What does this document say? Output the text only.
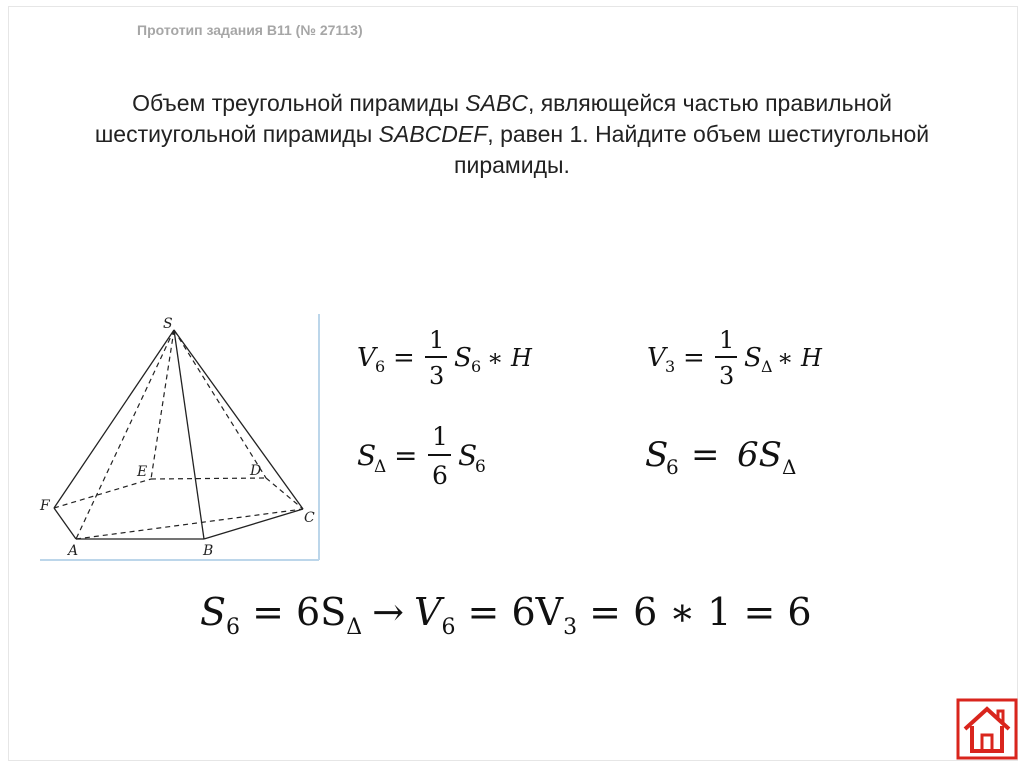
Прототип задания B11 (№ 27113)
Объем треугольной пирамиды SABC, являющейся частью правильной шестиугольной пирамиды SABCDEF, равен 1. Найдите объем шестиугольной пирамиды.
S
F
A	B
C
D
E
V 6 =
1
3
S 6 ∗ H	V 3 =
1
3
S Δ ∗ H
S
Δ =
1
6
S
6	S
6 = 6S Δ
$S_6 = 6S_\Delta \to V_6 = 6V_3 = 6$ ∗ 1 = 6
